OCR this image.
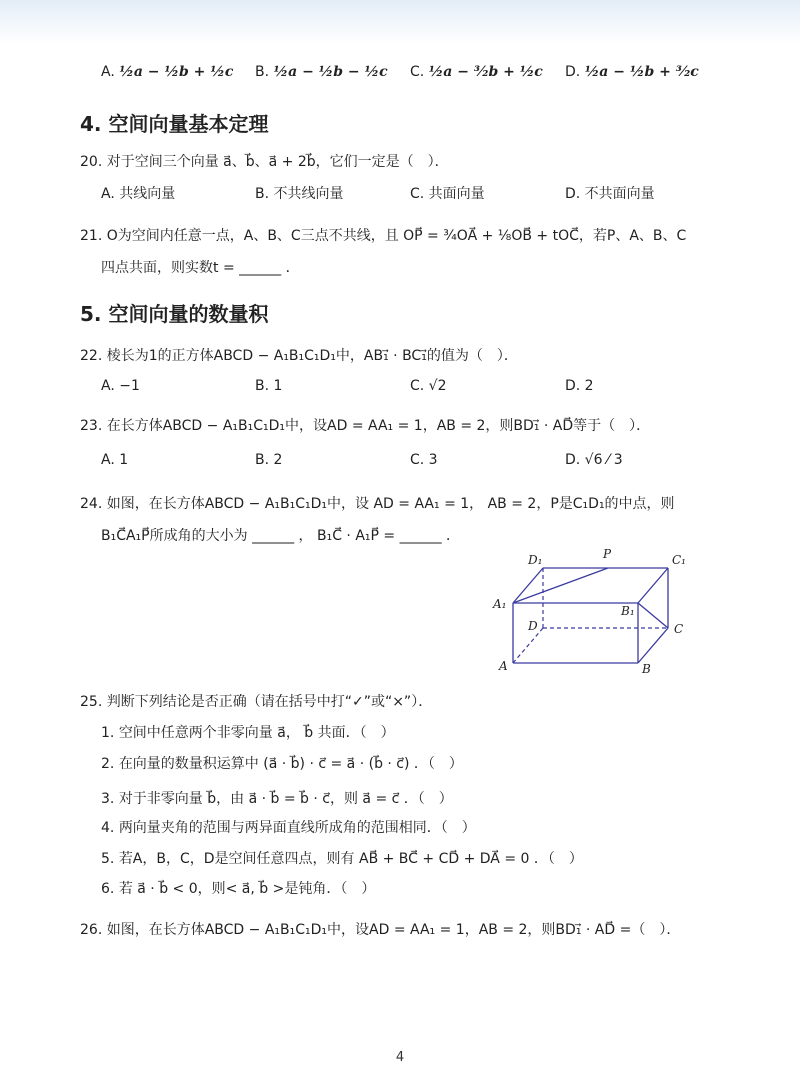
A. ½a − ½b + ½c B. ½a − ½b − ½c C. ½a − ³⁄₂b + ½c D. ½a − ½b + ³⁄₂c
4. 空间向量基本定理
20. 对于空间三个向量 a⃗、b⃗、a⃗ + 2b⃗，它们一定是（　）．
A. 共线向量	B. 不共线向量	C. 共面向量	D. 不共面向量
21. O为空间内任意一点，A、B、C三点不共线，且 OP⃗ = ¾OA⃗ + ⅛OB⃗ + tOC⃗，若P、A、B、C
四点共面，则实数t = ______ ．
5. 空间向量的数量积
22. 棱长为1的正方体ABCD − A₁B₁C₁D₁中，AB₁⃗ · BC₁⃗的值为（　）．
A. −1	B. 1	C. √2	D. 2
23. 在长方体ABCD − A₁B₁C₁D₁中，设AD = AA₁ = 1，AB = 2，则BD₁⃗ · AD⃗等于（　）．
A. 1	B. 2	C. 3	D. √6 ⁄ 3
24. 如图，在长方体ABCD − A₁B₁C₁D₁中，设 AD = AA₁ = 1， AB = 2，P是C₁D₁的中点，则
B₁C⃗A₁P⃗所成角的大小为 ______ ， B₁C⃗ · A₁P⃗ = ______ ．
D₁	P	C₁
A₁	B₁
D	C
A	B
25. 判断下列结论是否正确（请在括号中打“✓”或“×”）．
1. 空间中任意两个非零向量 a⃗， b⃗ 共面．（　）
2. 在向量的数量积运算中 (a⃗ · b⃗) · c⃗ = a⃗ · (b⃗ · c⃗) ．（　）
3. 对于非零向量 b⃗，由 a⃗ · b⃗ = b⃗ · c⃗，则 a⃗ = c⃗ ．（　）
4. 两向量夹角的范围与两异面直线所成角的范围相同．（　）
5. 若A，B，C，D是空间任意四点，则有 AB⃗ + BC⃗ + CD⃗ + DA⃗ = 0 ．（　）
6. 若 a⃗ · b⃗ < 0，则< a⃗, b⃗ >是钝角．（　）
26. 如图，在长方体ABCD − A₁B₁C₁D₁中，设AD = AA₁ = 1，AB = 2，则BD₁⃗ · AD⃗ =（　）．
4
